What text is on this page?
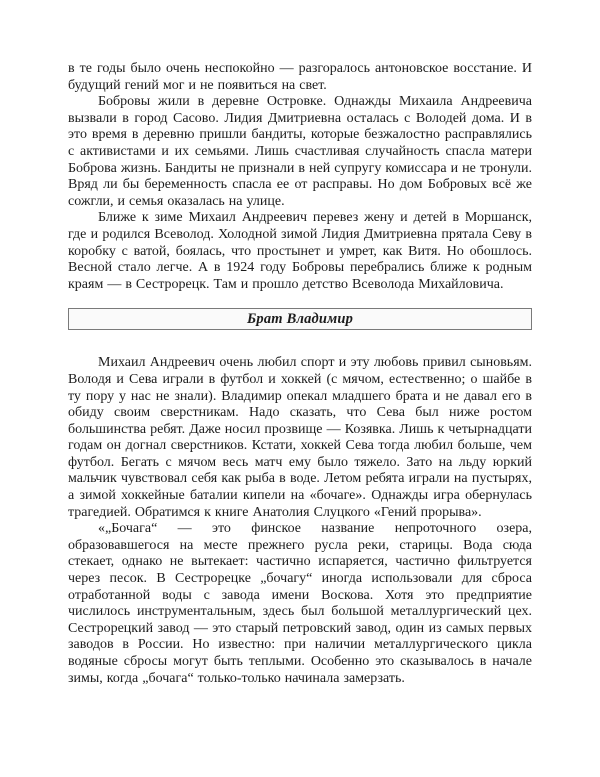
в те годы было очень неспокойно — разгоралось антоновское восстание. И будущий гений мог и не появиться на свет.

Бобровы жили в деревне Островке. Однажды Михаила Андреевича вызвали в город Сасово. Лидия Дмитриевна осталась с Володей дома. И в это время в деревню пришли бандиты, которые безжалостно расправлялись с активистами и их семьями. Лишь счастливая случайность спасла матери Боброва жизнь. Бандиты не признали в ней супругу комиссара и не тронули. Вряд ли бы беременность спасла ее от расправы. Но дом Бобровых всё же сожгли, и семья оказалась на улице.

Ближе к зиме Михаил Андреевич перевез жену и детей в Моршанск, где и родился Всеволод. Холодной зимой Лидия Дмитриевна прятала Севу в коробку с ватой, боялась, что простынет и умрет, как Витя. Но обошлось. Весной стало легче. А в 1924 году Бобровы перебрались ближе к родным краям — в Сестрорецк. Там и прошло детство Всеволода Михайловича.

Брат Владимир

Михаил Андреевич очень любил спорт и эту любовь привил сыновьям. Володя и Сева играли в футбол и хоккей (с мячом, естественно; о шайбе в ту пору у нас не знали). Владимир опекал младшего брата и не давал его в обиду своим сверстникам. Надо сказать, что Сева был ниже ростом большинства ребят. Даже носил прозвище — Козявка. Лишь к четырнадцати годам он догнал сверстников. Кстати, хоккей Сева тогда любил больше, чем футбол. Бегать с мячом весь матч ему было тяжело. Зато на льду юркий мальчик чувствовал себя как рыба в воде. Летом ребята играли на пустырях, а зимой хоккейные баталии кипели на «бочаге». Однажды игра обернулась трагедией. Обратимся к книге Анатолия Слуцкого «Гений прорыва».

«„Бочага“ — это финское название непроточного озера, образовавшегося на месте прежнего русла реки, старицы. Вода сюда стекает, однако не вытекает: частично испаряется, частично фильтруется через песок. В Сестрорецке „бочагу“ иногда использовали для сброса отработанной воды с завода имени Воскова. Хотя это предприятие числилось инструментальным, здесь был большой металлургический цех. Сестрорецкий завод — это старый петровский завод, один из самых первых заводов в России. Но известно: при наличии металлургического цикла водяные сбросы могут быть теплыми. Особенно это сказывалось в начале зимы, когда „бочага“ только-только начинала замерзать.
